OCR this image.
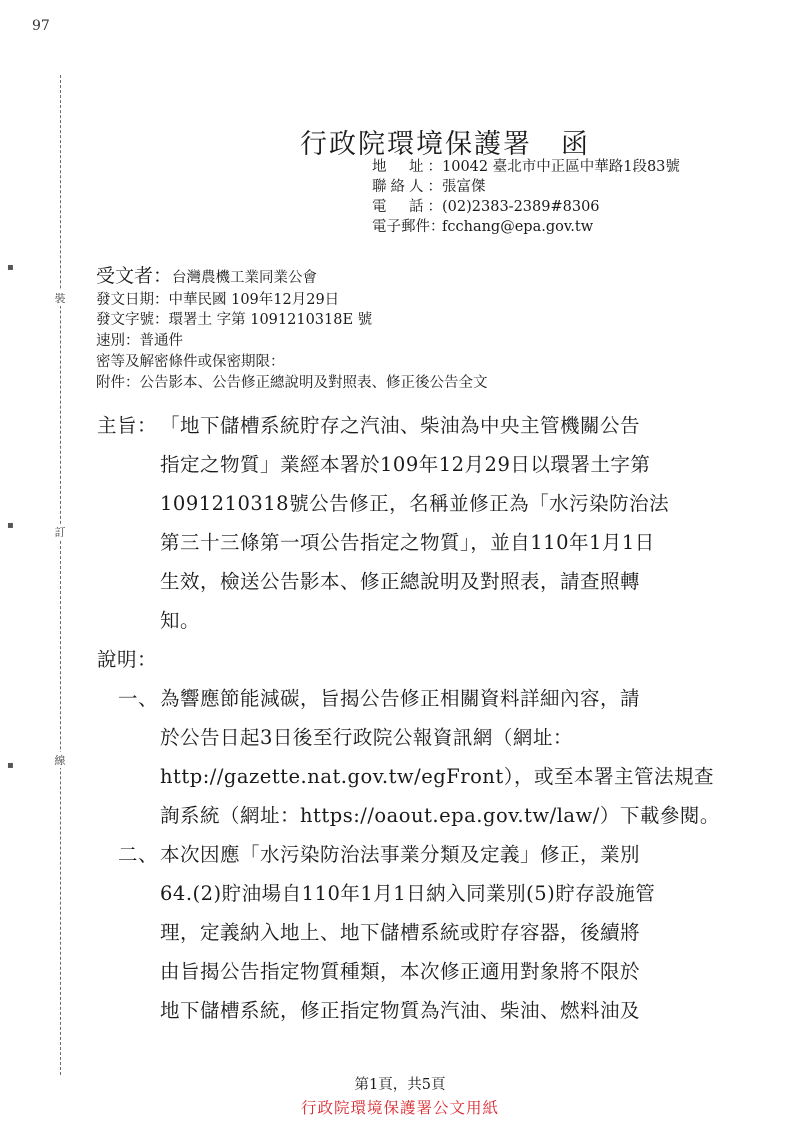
97
裝
訂
線
▪
▪
▪
行政院環境保護署　函
地　址：10042 臺北市中正區中華路1段83號
聯絡人：張富傑
電　話：(02)2383-2389#8306
電子郵件：fcchang@epa.gov.tw
受文者：台灣農機工業同業公會
發文日期：中華民國 109年12月29日
發文字號：環署土 字第 1091210318E 號
速別：普通件
密等及解密條件或保密期限：
附件：公告影本、公告修正總說明及對照表、修正後公告全文
主旨： 「地下儲槽系統貯存之汽油、柴油為中央主管機關公告
指定之物質」業經本署於109年12月29日以環署土字第
1091210318號公告修正，名稱並修正為「水污染防治法
第三十三條第一項公告指定之物質」，並自110年1月1日
生效，檢送公告影本、修正總說明及對照表，請查照轉
知。
說明：
一、 為響應節能減碳，旨揭公告修正相關資料詳細內容，請
於公告日起3日後至行政院公報資訊網（網址：
http://gazette.nat.gov.tw/egFront），或至本署主管法規查
詢系統（網址：https://oaout.epa.gov.tw/law/）下載參閱。
二、 本次因應「水污染防治法事業分類及定義」修正，業別
64.(2)貯油場自110年1月1日納入同業別(5)貯存設施管
理，定義納入地上、地下儲槽系統或貯存容器，後續將
由旨揭公告指定物質種類，本次修正適用對象將不限於
地下儲槽系統，修正指定物質為汽油、柴油、燃料油及
第1頁，共5頁
行政院環境保護署公文用紙
